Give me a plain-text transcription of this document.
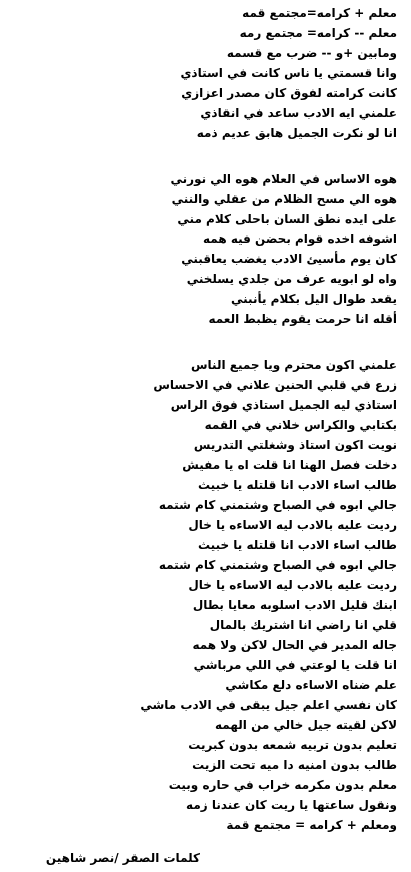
معلم + كرامه=مجتمع قمه
معلم -- كرامه= مجتمع رمه
ومابين +و -- ضرب مع قسمه
وانا قسمتي يا ناس كانت في استاذي
كانت كرامته لفوق كان مصدر اعزازي
علمني ايه الادب ساعد في انقاذي
انا لو نكرت الجميل هابق عديم ذمه
هوه الاساس في العلام هوه الي نورني
هوه الي مسح الظلام من عقلي والنني
على ايده نطق السان باحلى كلام مني
اشوفه اخده قوام بحضن فيه همه
كان يوم مأسيئ الادب يغضب يعاقبني
واه لو ابويه عرف من جلدي يسلخني
يقعد طوال اليل بكلام يأنبني
أقله انا حرمت يقوم يظبط العمه
علمني اكون محترم ويا جميع الناس
زرع في قلبي الحنين علاني في الاحساس
استاذي ليه الجميل استاذي فوق الراس
بكتابي والكراس خلاني في القمه
نويت اكون استاذ وشغلتي التدريس
دخلت فصل الهنا انا قلت اه يا مفيش
طالب اساء الادب انا قلتله يا خبيث
جالي ابوه في الصباح وشتمني كام شتمه
رديت عليه بالادب ليه الاساءه يا خال
طالب اساء الادب انا قلتله يا خبيث
جالي ابوه في الصباح وشتمني كام شتمه
رديت عليه بالادب ليه الاساءه يا خال
ابنك قليل الادب اسلوبه معايا بطال
قلي انا راضي انا اشتريك بالمال
جاله المدير في الحال لاكن ولا همه
انا قلت يا لوعتي في اللي مرباشي
علم ضناه الاساءه دلع مكاشي
كان نفسي اعلم جيل يبقى في الادب ماشي
لاكن لقيته جيل خالي من الهمه
تعليم بدون تربيه شمعه بدون كبريت
طالب بدون امنيه دا ميه تحت الزيت
معلم بدون مكرمه خراب في حاره وبيت
ونقول ساعتها يا ريت كان عندنا زمه
ومعلم + كرامه = مجتمع قمة
كلمات الصقر /نصر شاهين
